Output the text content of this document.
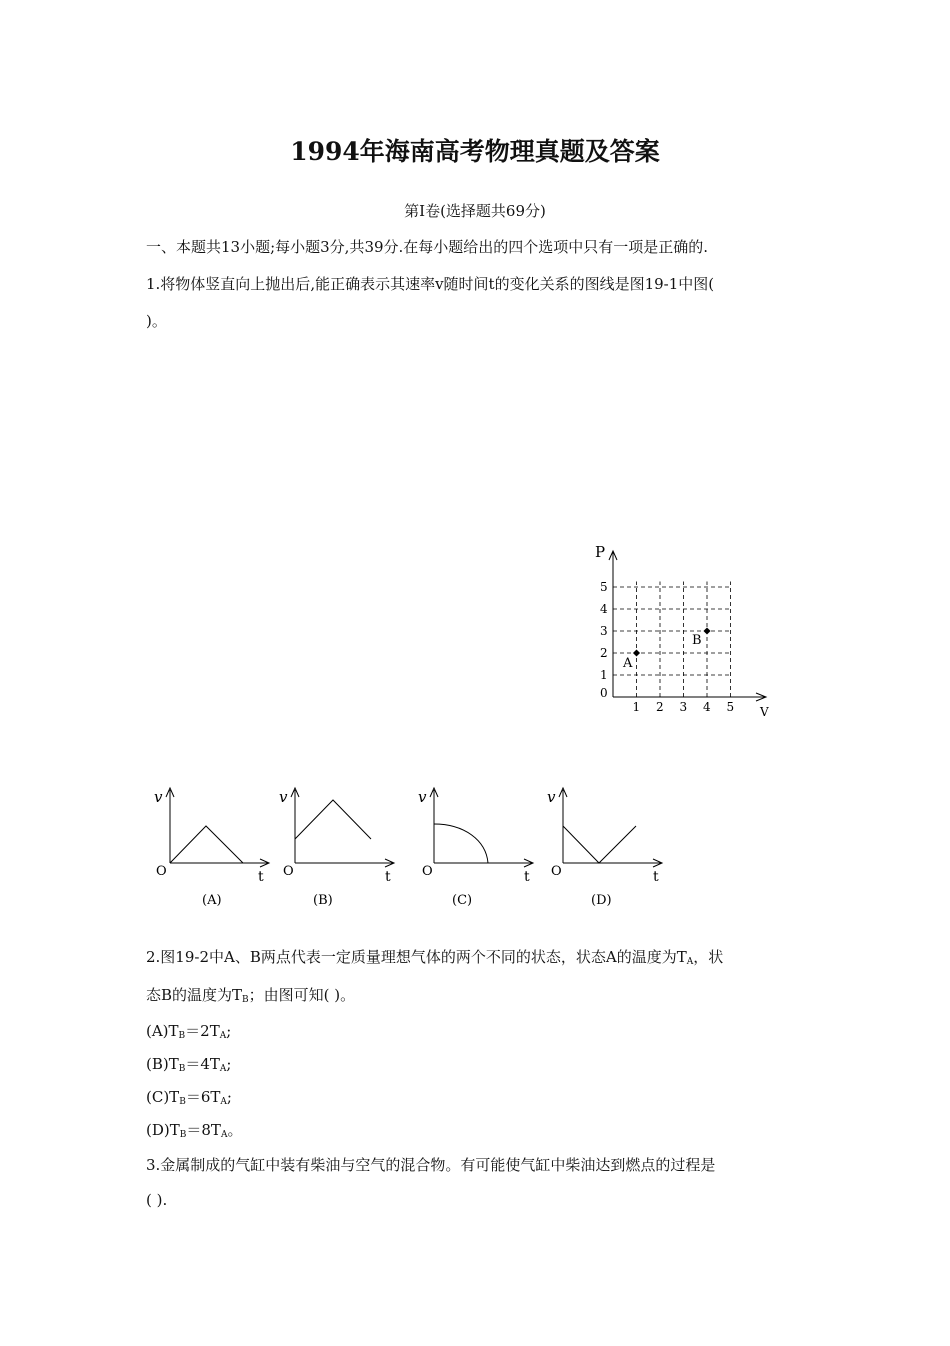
1994年海南高考物理真题及答案
第Ⅰ卷(选择题共69分)
一、本题共13小题;每小题3分,共39分.在每小题给出的四个选项中只有一项是正确的.
1.将物体竖直向上抛出后,能正确表示其速率v随时间t的变化关系的图线是图19-1中图(
)。
1 2 3 4 5
1
2
3
4
5
P
V
0
A
B
v
t
O
(A)
v
t
O
(B)
v
t
O
(C)
v
t
O
(D)
2.图19-2中A、B两点代表一定质量理想气体的两个不同的状态，状态A的温度为$T_A$，状
态B的温度为$T_B$；由图可知( )。
$(A)T_B=2T_A$;
$(B)T_B=4T_A$;
$(C)T_B=6T_A$;
$(D)T_B=8T_A$。
3.金属制成的气缸中装有柴油与空气的混合物。有可能使气缸中柴油达到燃点的过程是
( ).
